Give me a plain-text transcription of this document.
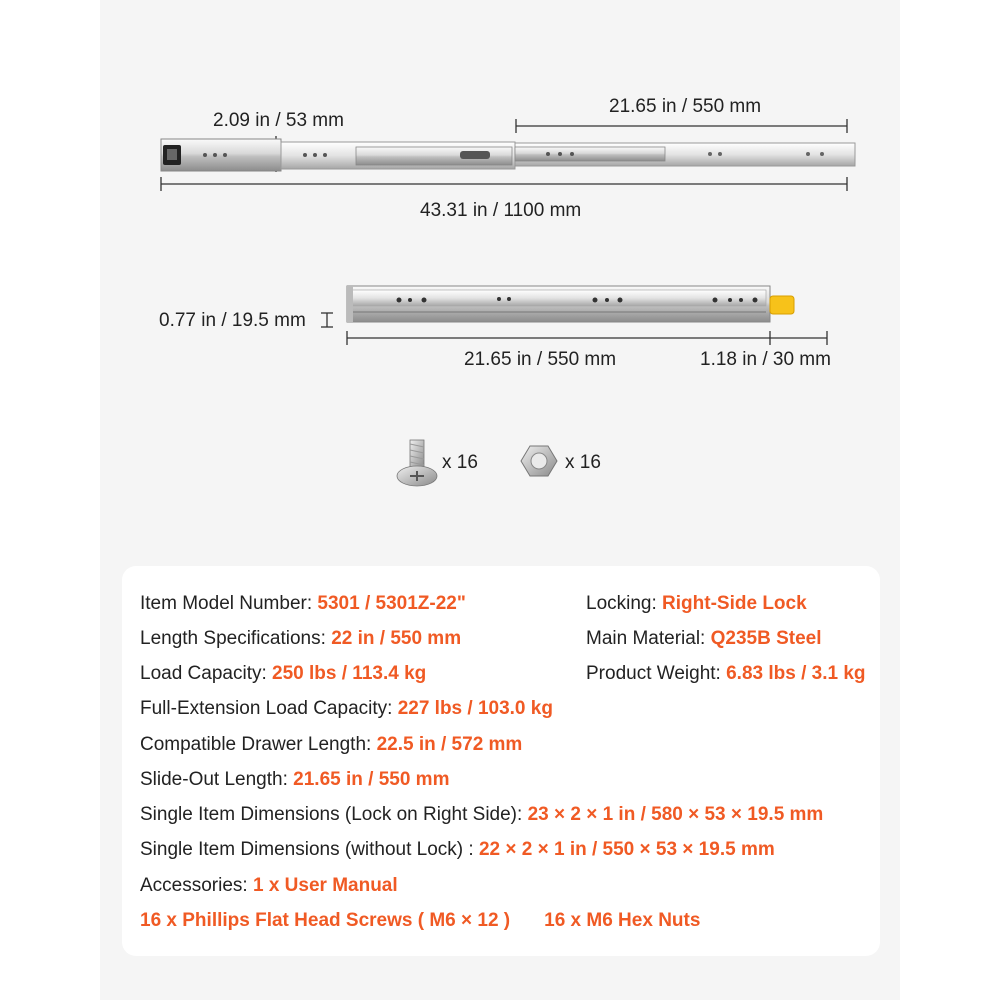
2.09 in / 53 mm
21.65 in / 550 mm
43.31 in / 1100 mm
0.77 in / 19.5 mm
21.65 in / 550 mm	1.18 in / 30 mm
x 16	x 16
Item Model Number: 5301 / 5301Z-22"
Length Specifications: 22 in / 550 mm
Load Capacity: 250 lbs / 113.4 kg
Full-Extension Load Capacity: 227 lbs / 103.0 kg
Compatible Drawer Length: 22.5 in / 572 mm
Slide-Out Length: 21.65 in / 550 mm
Single Item Dimensions (Lock on Right Side): 23 × 2 × 1 in / 580 × 53 × 19.5 mm
Single Item Dimensions (without Lock) : 22 × 2 × 1 in / 550 × 53 × 19.5 mm
Accessories: 1 x User Manual
16 x Phillips Flat Head Screws ( M6 × 12 ) 16 x M6 Hex Nuts
Locking: Right-Side Lock
Main Material: Q235B Steel
Product Weight: 6.83 lbs / 3.1 kg
